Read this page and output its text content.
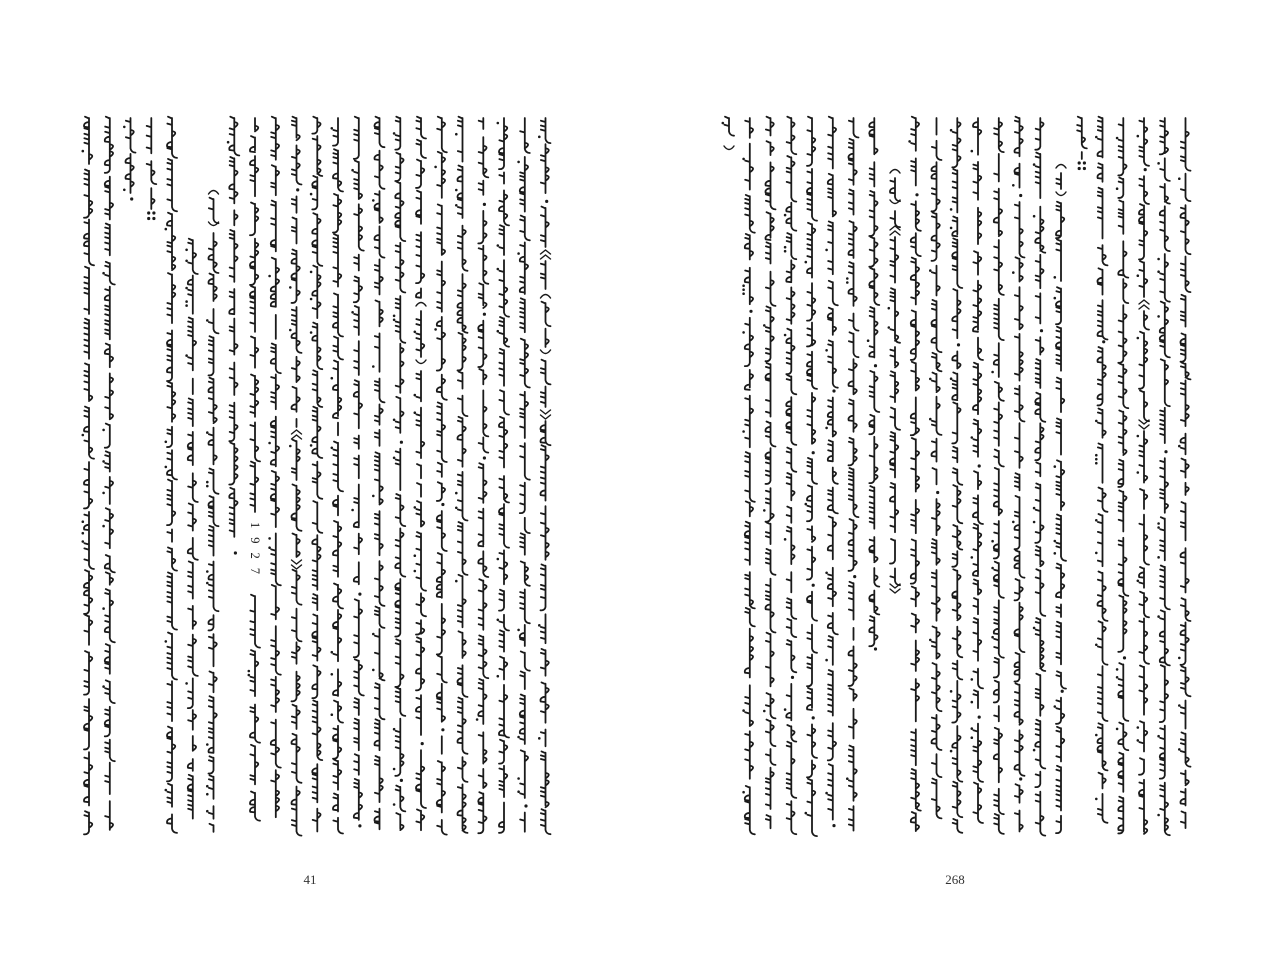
1927
41	268
